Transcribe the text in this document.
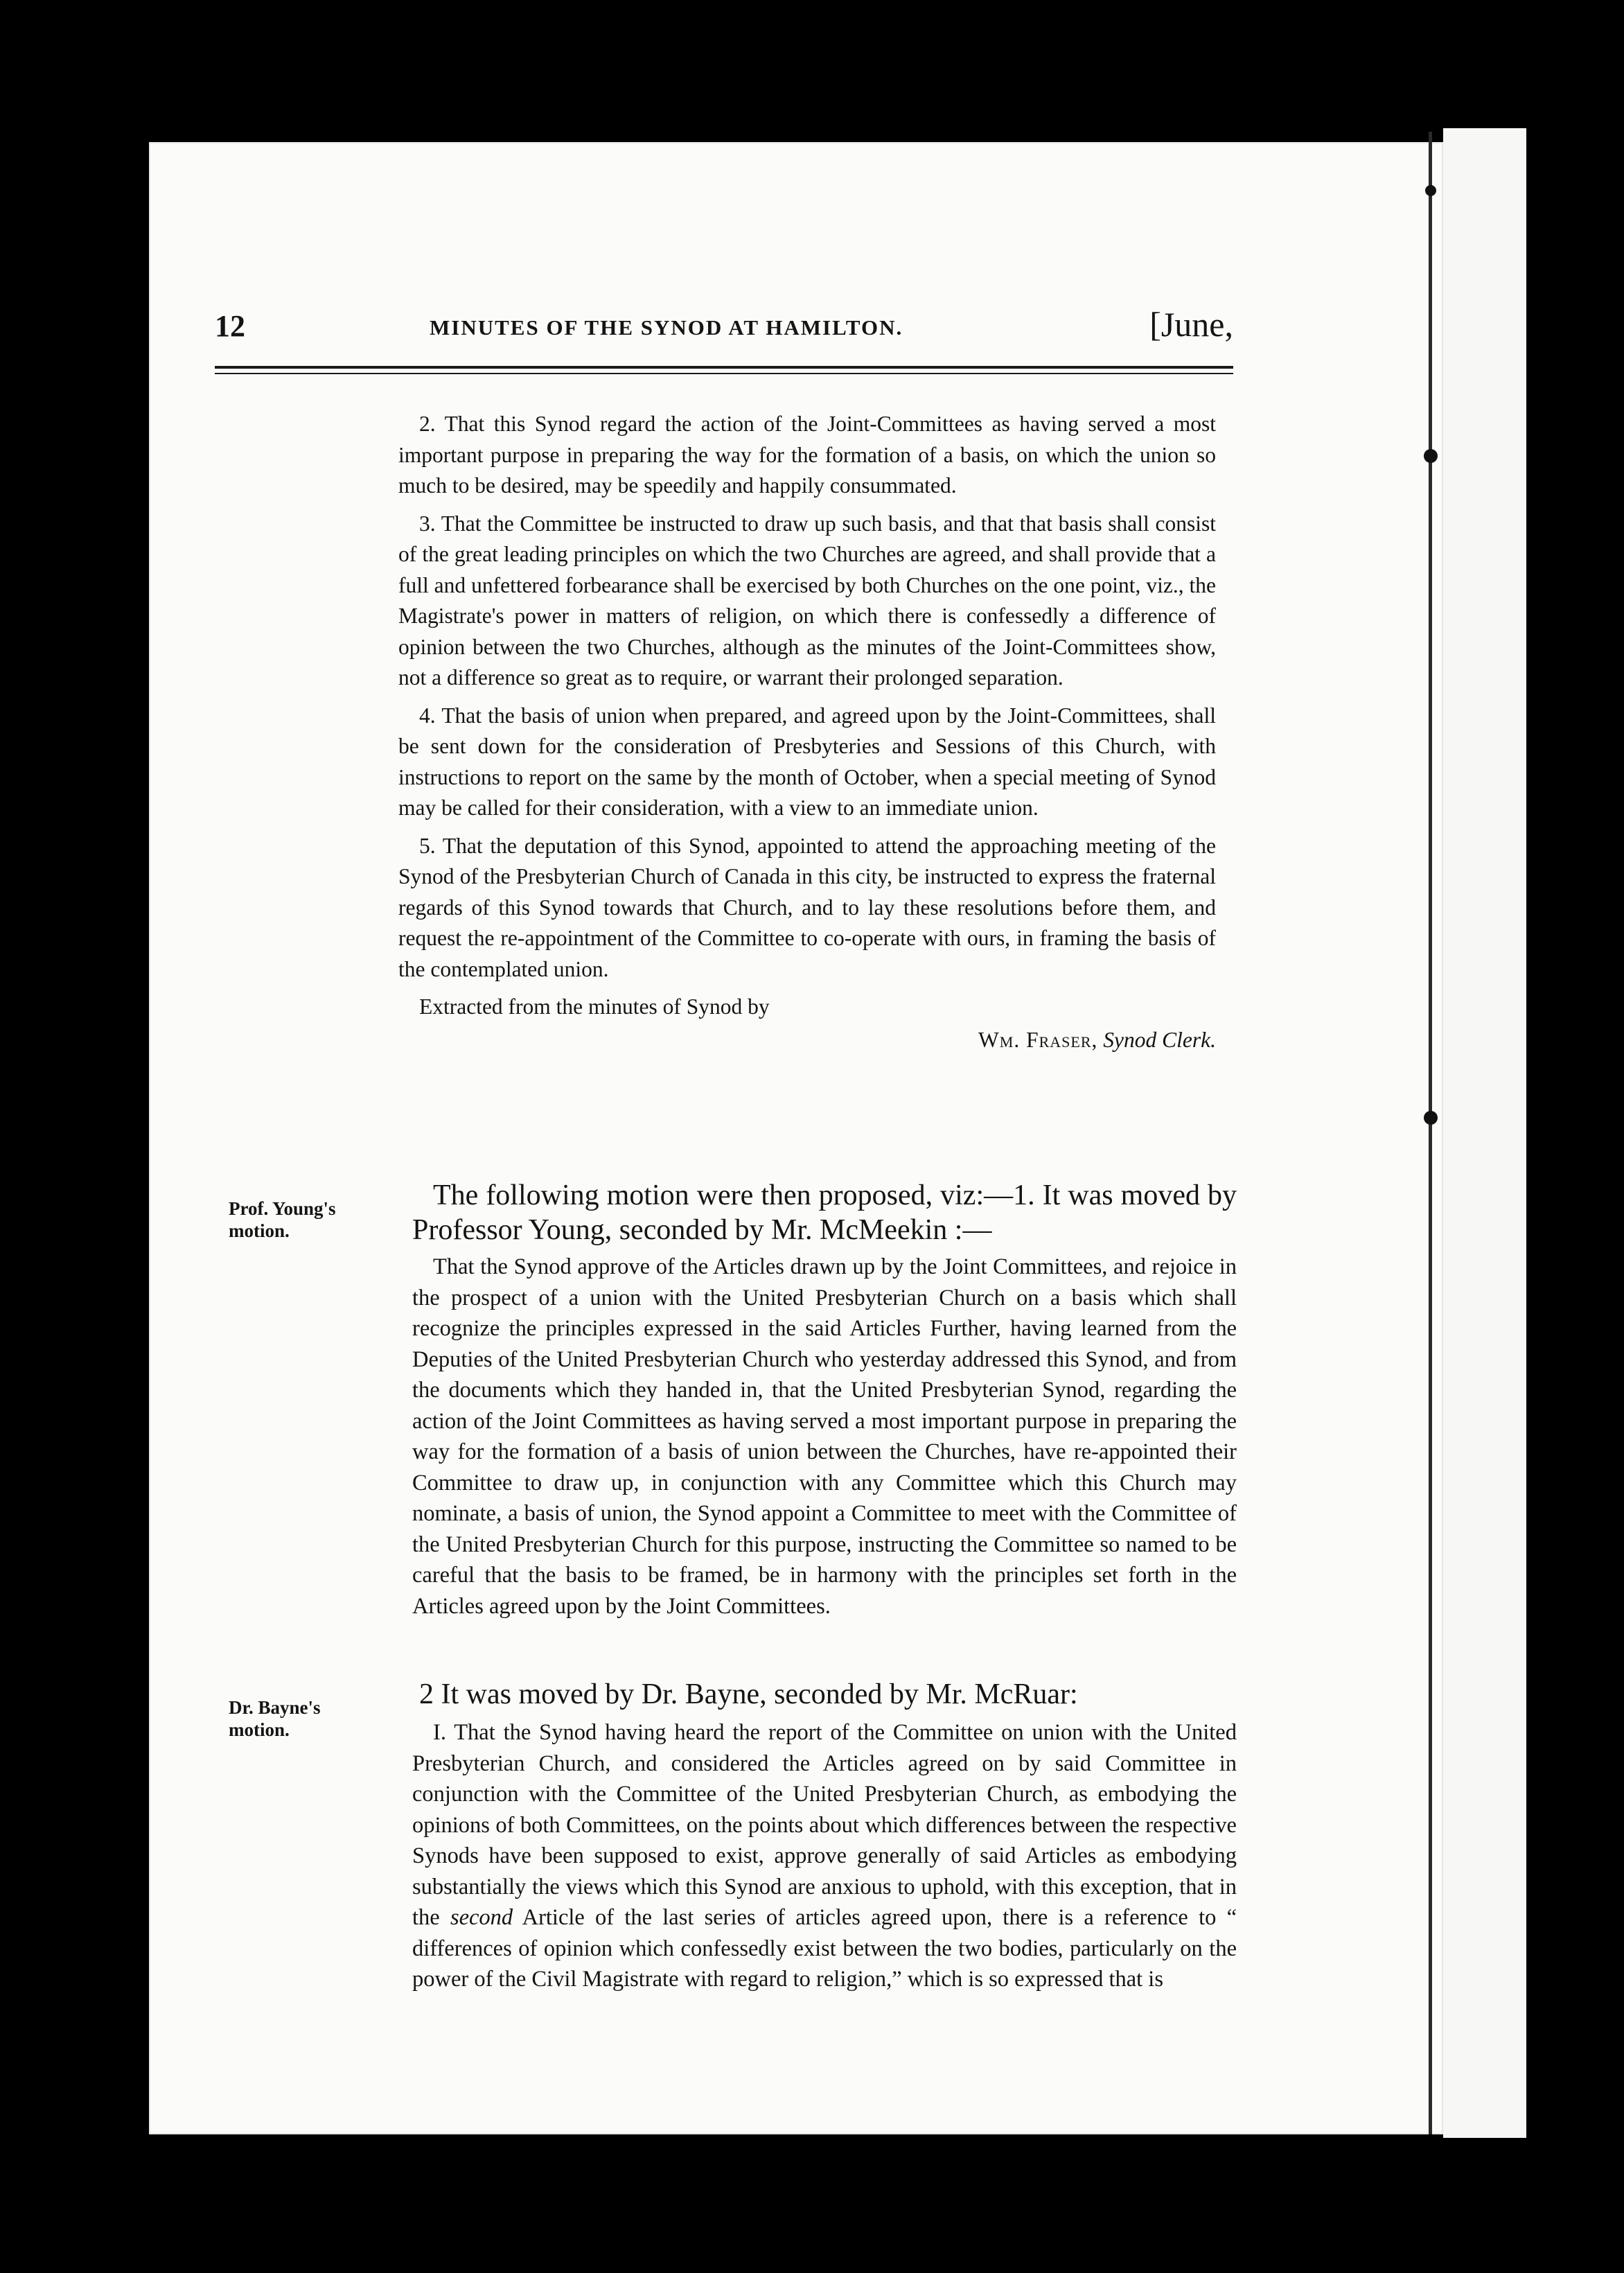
12	MINUTES OF THE SYNOD AT HAMILTON.	[June,

2. That this Synod regard the action of the Joint-Committees as having served a most important purpose in preparing the way for the formation of a basis, on which the union so much to be desired, may be speedily and happily consummated.

3. That the Committee be instructed to draw up such basis, and that that basis shall consist of the great leading principles on which the two Churches are agreed, and shall provide that a full and unfettered forbearance shall be exercised by both Churches on the one point, viz., the Magistrate's power in matters of religion, on which there is confessedly a difference of opinion between the two Churches, although as the minutes of the Joint-Committees show, not a difference so great as to require, or warrant their prolonged separation.

4. That the basis of union when prepared, and agreed upon by the Joint-Committees, shall be sent down for the consideration of Presbyteries and Sessions of this Church, with instructions to report on the same by the month of October, when a special meeting of Synod may be called for their consideration, with a view to an immediate union.

5. That the deputation of this Synod, appointed to attend the approaching meeting of the Synod of the Presbyterian Church of Canada in this city, be instructed to express the fraternal regards of this Synod towards that Church, and to lay these resolutions before them, and request the re-appointment of the Committee to co-operate with ours, in framing the basis of the contemplated union.

Extracted from the minutes of Synod by

Wm. Fraser, Synod Clerk.

Prof. Young's motion.

The following motion were then proposed, viz:—1. It was moved by Professor Young, seconded by Mr. McMeekin :—

That the Synod approve of the Articles drawn up by the Joint Committees, and rejoice in the prospect of a union with the United Presbyterian Church on a basis which shall recognize the principles expressed in the said Articles Further, having learned from the Deputies of the United Presbyterian Church who yesterday addressed this Synod, and from the documents which they handed in, that the United Presbyterian Synod, regarding the action of the Joint Committees as having served a most important purpose in preparing the way for the formation of a basis of union between the Churches, have re-appointed their Committee to draw up, in conjunction with any Committee which this Church may nominate, a basis of union, the Synod appoint a Committee to meet with the Committee of the United Presbyterian Church for this purpose, instructing the Committee so named to be careful that the basis to be framed, be in harmony with the principles set forth in the Articles agreed upon by the Joint Committees.

Dr. Bayne's motion.

2 It was moved by Dr. Bayne, seconded by Mr. McRuar:

I. That the Synod having heard the report of the Committee on union with the United Presbyterian Church, and considered the Articles agreed on by said Committee in conjunction with the Committee of the United Presbyterian Church, as embodying the opinions of both Committees, on the points about which differences between the respective Synods have been supposed to exist, approve generally of said Articles as embodying substantially the views which this Synod are anxious to uphold, with this exception, that in the second Article of the last series of articles agreed upon, there is a reference to “ differences of opinion which confessedly exist between the two bodies, particularly on the power of the Civil Magistrate with regard to religion,” which is so expressed that is
